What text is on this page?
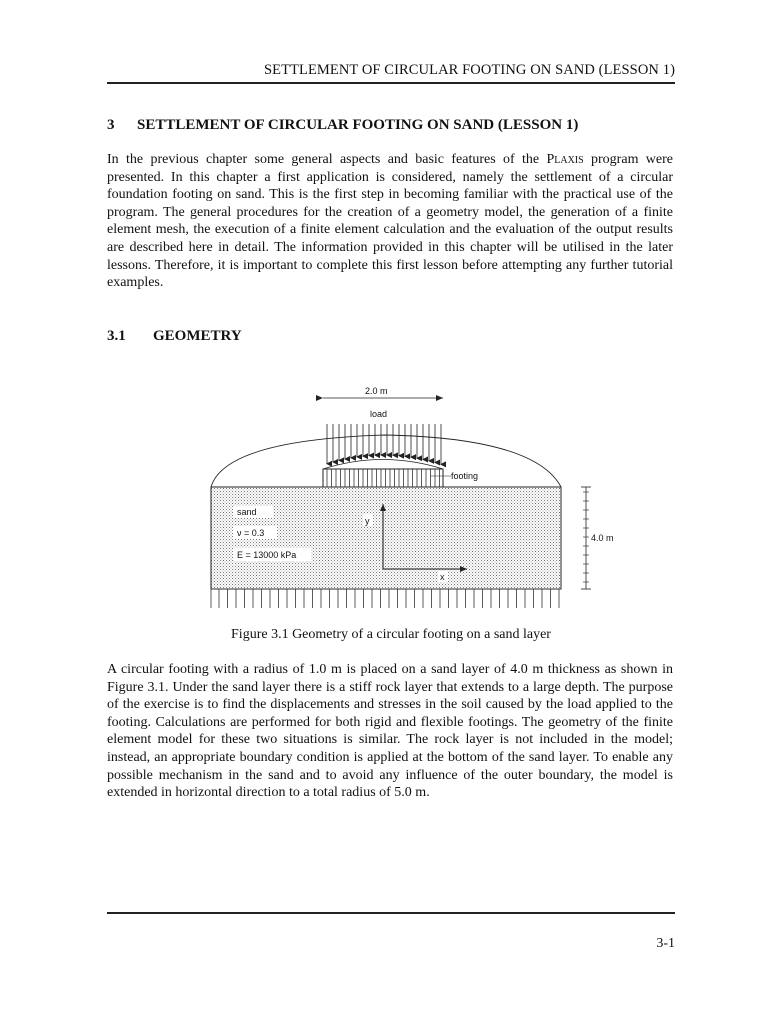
SETTLEMENT OF CIRCULAR FOOTING ON SAND (LESSON 1)
3 SETTLEMENT OF CIRCULAR FOOTING ON SAND (LESSON 1)

In the previous chapter some general aspects and basic features of the Plaxis program were presented. In this chapter a first application is considered, namely the settlement of a circular foundation footing on sand. This is the first step in becoming familiar with the practical use of the program. The general procedures for the creation of a geometry model, the generation of a finite element mesh, the execution of a finite element calculation and the evaluation of the output results are described here in detail. The information provided in this chapter will be utilised in the later lessons. Therefore, it is important to complete this first lesson before attempting any further tutorial examples.

3.1 GEOMETRY
2.0 m
load
footing
4.0 m
sand
ν = 0.3
E = 13000 kPa
y
x
Figure 3.1 Geometry of a circular footing on a sand layer

A circular footing with a radius of 1.0 m is placed on a sand layer of 4.0 m thickness as shown in Figure 3.1. Under the sand layer there is a stiff rock layer that extends to a large depth. The purpose of the exercise is to find the displacements and stresses in the soil caused by the load applied to the footing. Calculations are performed for both rigid and flexible footings. The geometry of the finite element model for these two situations is similar. The rock layer is not included in the model; instead, an appropriate boundary condition is applied at the bottom of the sand layer. To enable any possible mechanism in the sand and to avoid any influence of the outer boundary, the model is extended in horizontal direction to a total radius of 5.0 m.

3-1
